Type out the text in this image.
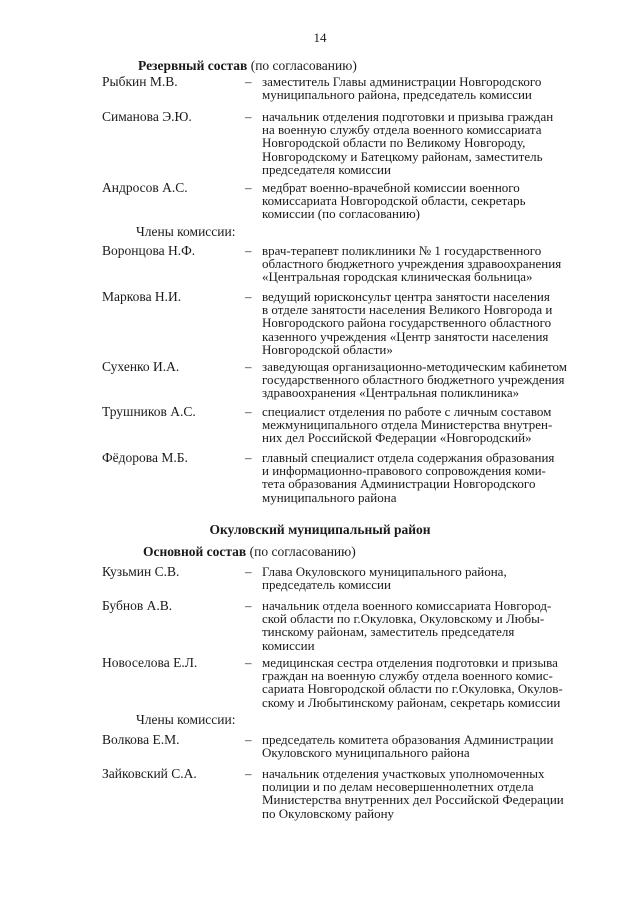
14
Резервный состав (по согласованию)
Рыбкин М.В.	– заместитель Главы администрации Новгородского
муниципального района, председатель комиссии
Симанова Э.Ю.	– начальник отделения подготовки и призыва граждан
на военную службу отдела военного комиссариата
Новгородской области по Великому Новгороду,
Новгородскому и Батецкому районам, заместитель
председателя комиссии
Андросов А.С.	– медбрат военно-врачебной комиссии военного
комиссариата Новгородской области, секретарь
комиссии (по согласованию)
Члены комиссии:
Воронцова Н.Ф.	– врач-терапевт поликлиники № 1 государственного
областного бюджетного учреждения здравоохранения
«Центральная городская клиническая больница»
Маркова Н.И.	– ведущий юрисконсульт центра занятости населения
в отделе занятости населения Великого Новгорода и
Новгородского района государственного областного
казенного учреждения «Центр занятости населения
Новгородской области»
Сухенко И.А.	– заведующая организационно-методическим кабинетом
государственного областного бюджетного учреждения
здравоохранения «Центральная поликлиника»
Трушников А.С.	– специалист отделения по работе с личным составом
межмуниципального отдела Министерства внутрен-
них дел Российской Федерации «Новгородский»
Фёдорова М.Б.	– главный специалист отдела содержания образования
и информационно-правового сопровождения коми-
тета образования Администрации Новгородского
муниципального района
Окуловский муниципальный район
Основной состав (по согласованию)
Кузьмин С.В.	– Глава Окуловского муниципального района,
председатель комиссии
Бубнов А.В.	– начальник отдела военного комиссариата Новгород-
ской области по г.Окуловка, Окуловскому и Любы-
тинскому районам, заместитель председателя
комиссии
Новоселова Е.Л.	– медицинская сестра отделения подготовки и призыва
граждан на военную службу отдела военного комис-
сариата Новгородской области по г.Окуловка, Окулов-
скому и Любытинскому районам, секретарь комиссии
Члены комиссии:
Волкова Е.М.	– председатель комитета образования Администрации
Окуловского муниципального района
Зайковский С.А.	– начальник отделения участковых уполномоченных
полиции и по делам несовершеннолетних отдела
Министерства внутренних дел Российской Федерации
по Окуловскому району
